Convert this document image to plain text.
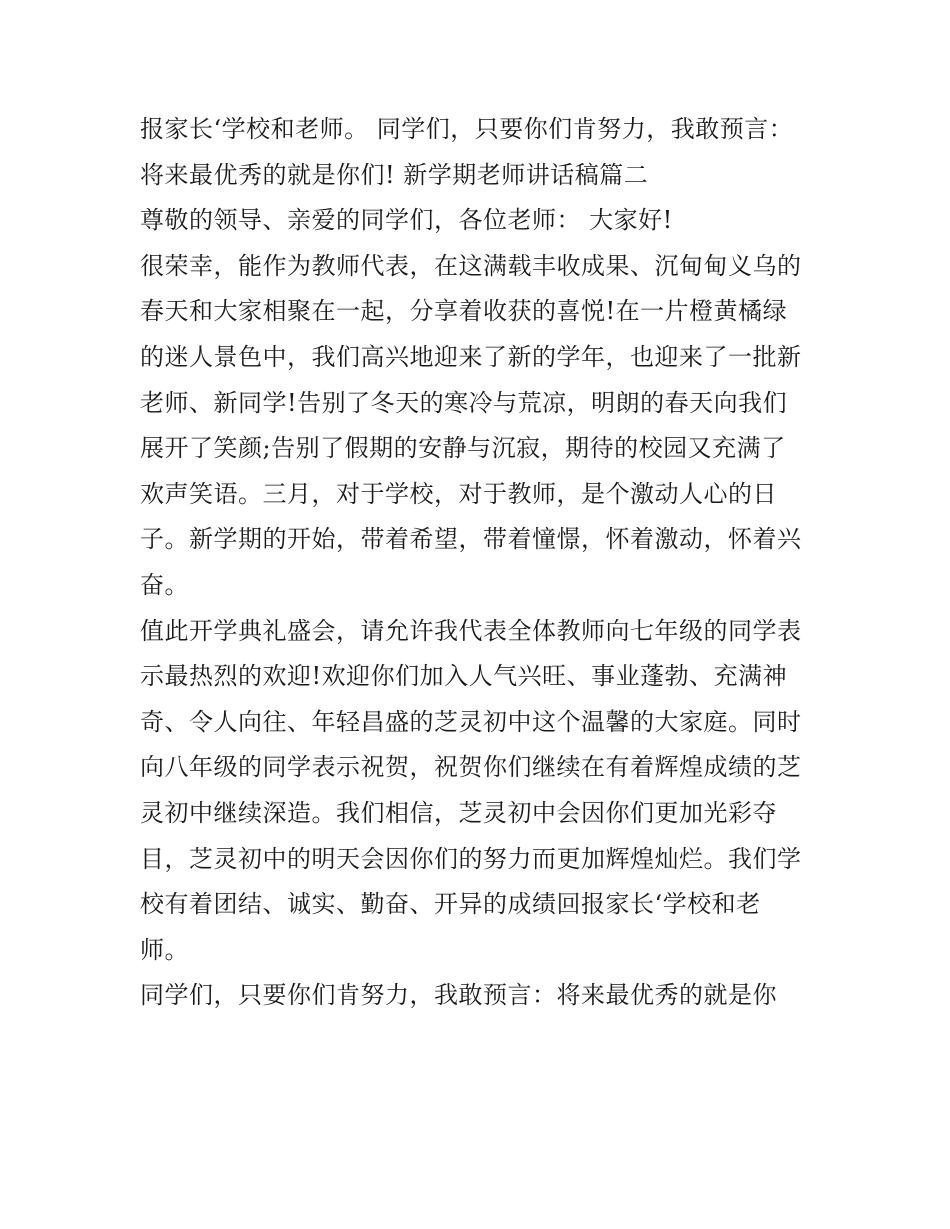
报家长‘学校和老师。 同学们，只要你们肯努力，我敢预言：
将来最优秀的就是你们! 新学期老师讲话稿篇二
尊敬的领导、亲爱的同学们，各位老师： 大家好!
很荣幸，能作为教师代表，在这满载丰收成果、沉甸甸义乌的
春天和大家相聚在一起，分享着收获的喜悦!在一片橙黄橘绿
的迷人景色中，我们高兴地迎来了新的学年，也迎来了一批新
老师、新同学!告别了冬天的寒冷与荒凉，明朗的春天向我们
展开了笑颜;告别了假期的安静与沉寂，期待的校园又充满了
欢声笑语。三月，对于学校，对于教师，是个激动人心的日
子。新学期的开始，带着希望，带着憧憬，怀着激动，怀着兴
奋。
值此开学典礼盛会，请允许我代表全体教师向七年级的同学表
示最热烈的欢迎!欢迎你们加入人气兴旺、事业蓬勃、充满神
奇、令人向往、年轻昌盛的芝灵初中这个温馨的大家庭。同时
向八年级的同学表示祝贺，祝贺你们继续在有着辉煌成绩的芝
灵初中继续深造。我们相信，芝灵初中会因你们更加光彩夺
目，芝灵初中的明天会因你们的努力而更加辉煌灿烂。我们学
校有着团结、诚实、勤奋、开异的成绩回报家长‘学校和老
师。
同学们，只要你们肯努力，我敢预言：将来最优秀的就是你
